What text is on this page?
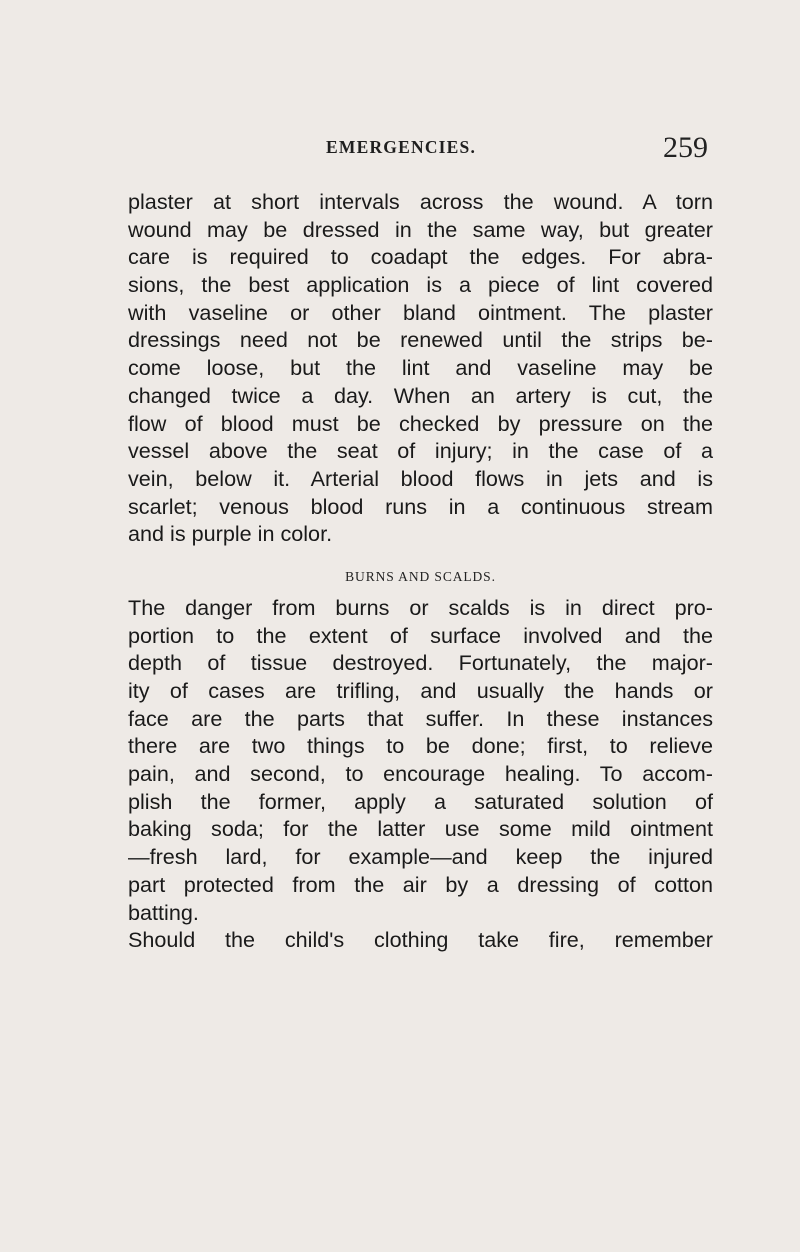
EMERGENCIES.	259
plaster at short intervals across the wound. A torn
wound may be dressed in the same way, but greater
care is required to coadapt the edges. For abra-
sions, the best application is a piece of lint covered
with vaseline or other bland ointment. The plaster
dressings need not be renewed until the strips be-
come loose, but the lint and vaseline may be
changed twice a day. When an artery is cut, the
flow of blood must be checked by pressure on the
vessel above the seat of injury; in the case of a
vein, below it. Arterial blood flows in jets and is
scarlet; venous blood runs in a continuous stream
and is purple in color.
BURNS AND SCALDS.
The danger from burns or scalds is in direct pro-
portion to the extent of surface involved and the
depth of tissue destroyed. Fortunately, the major-
ity of cases are trifling, and usually the hands or
face are the parts that suffer. In these instances
there are two things to be done; first, to relieve
pain, and second, to encourage healing. To accom-
plish the former, apply a saturated solution of
baking soda; for the latter use some mild ointment
—fresh lard, for example—and keep the injured
part protected from the air by a dressing of cotton
batting.
Should the child's clothing take fire, remember
